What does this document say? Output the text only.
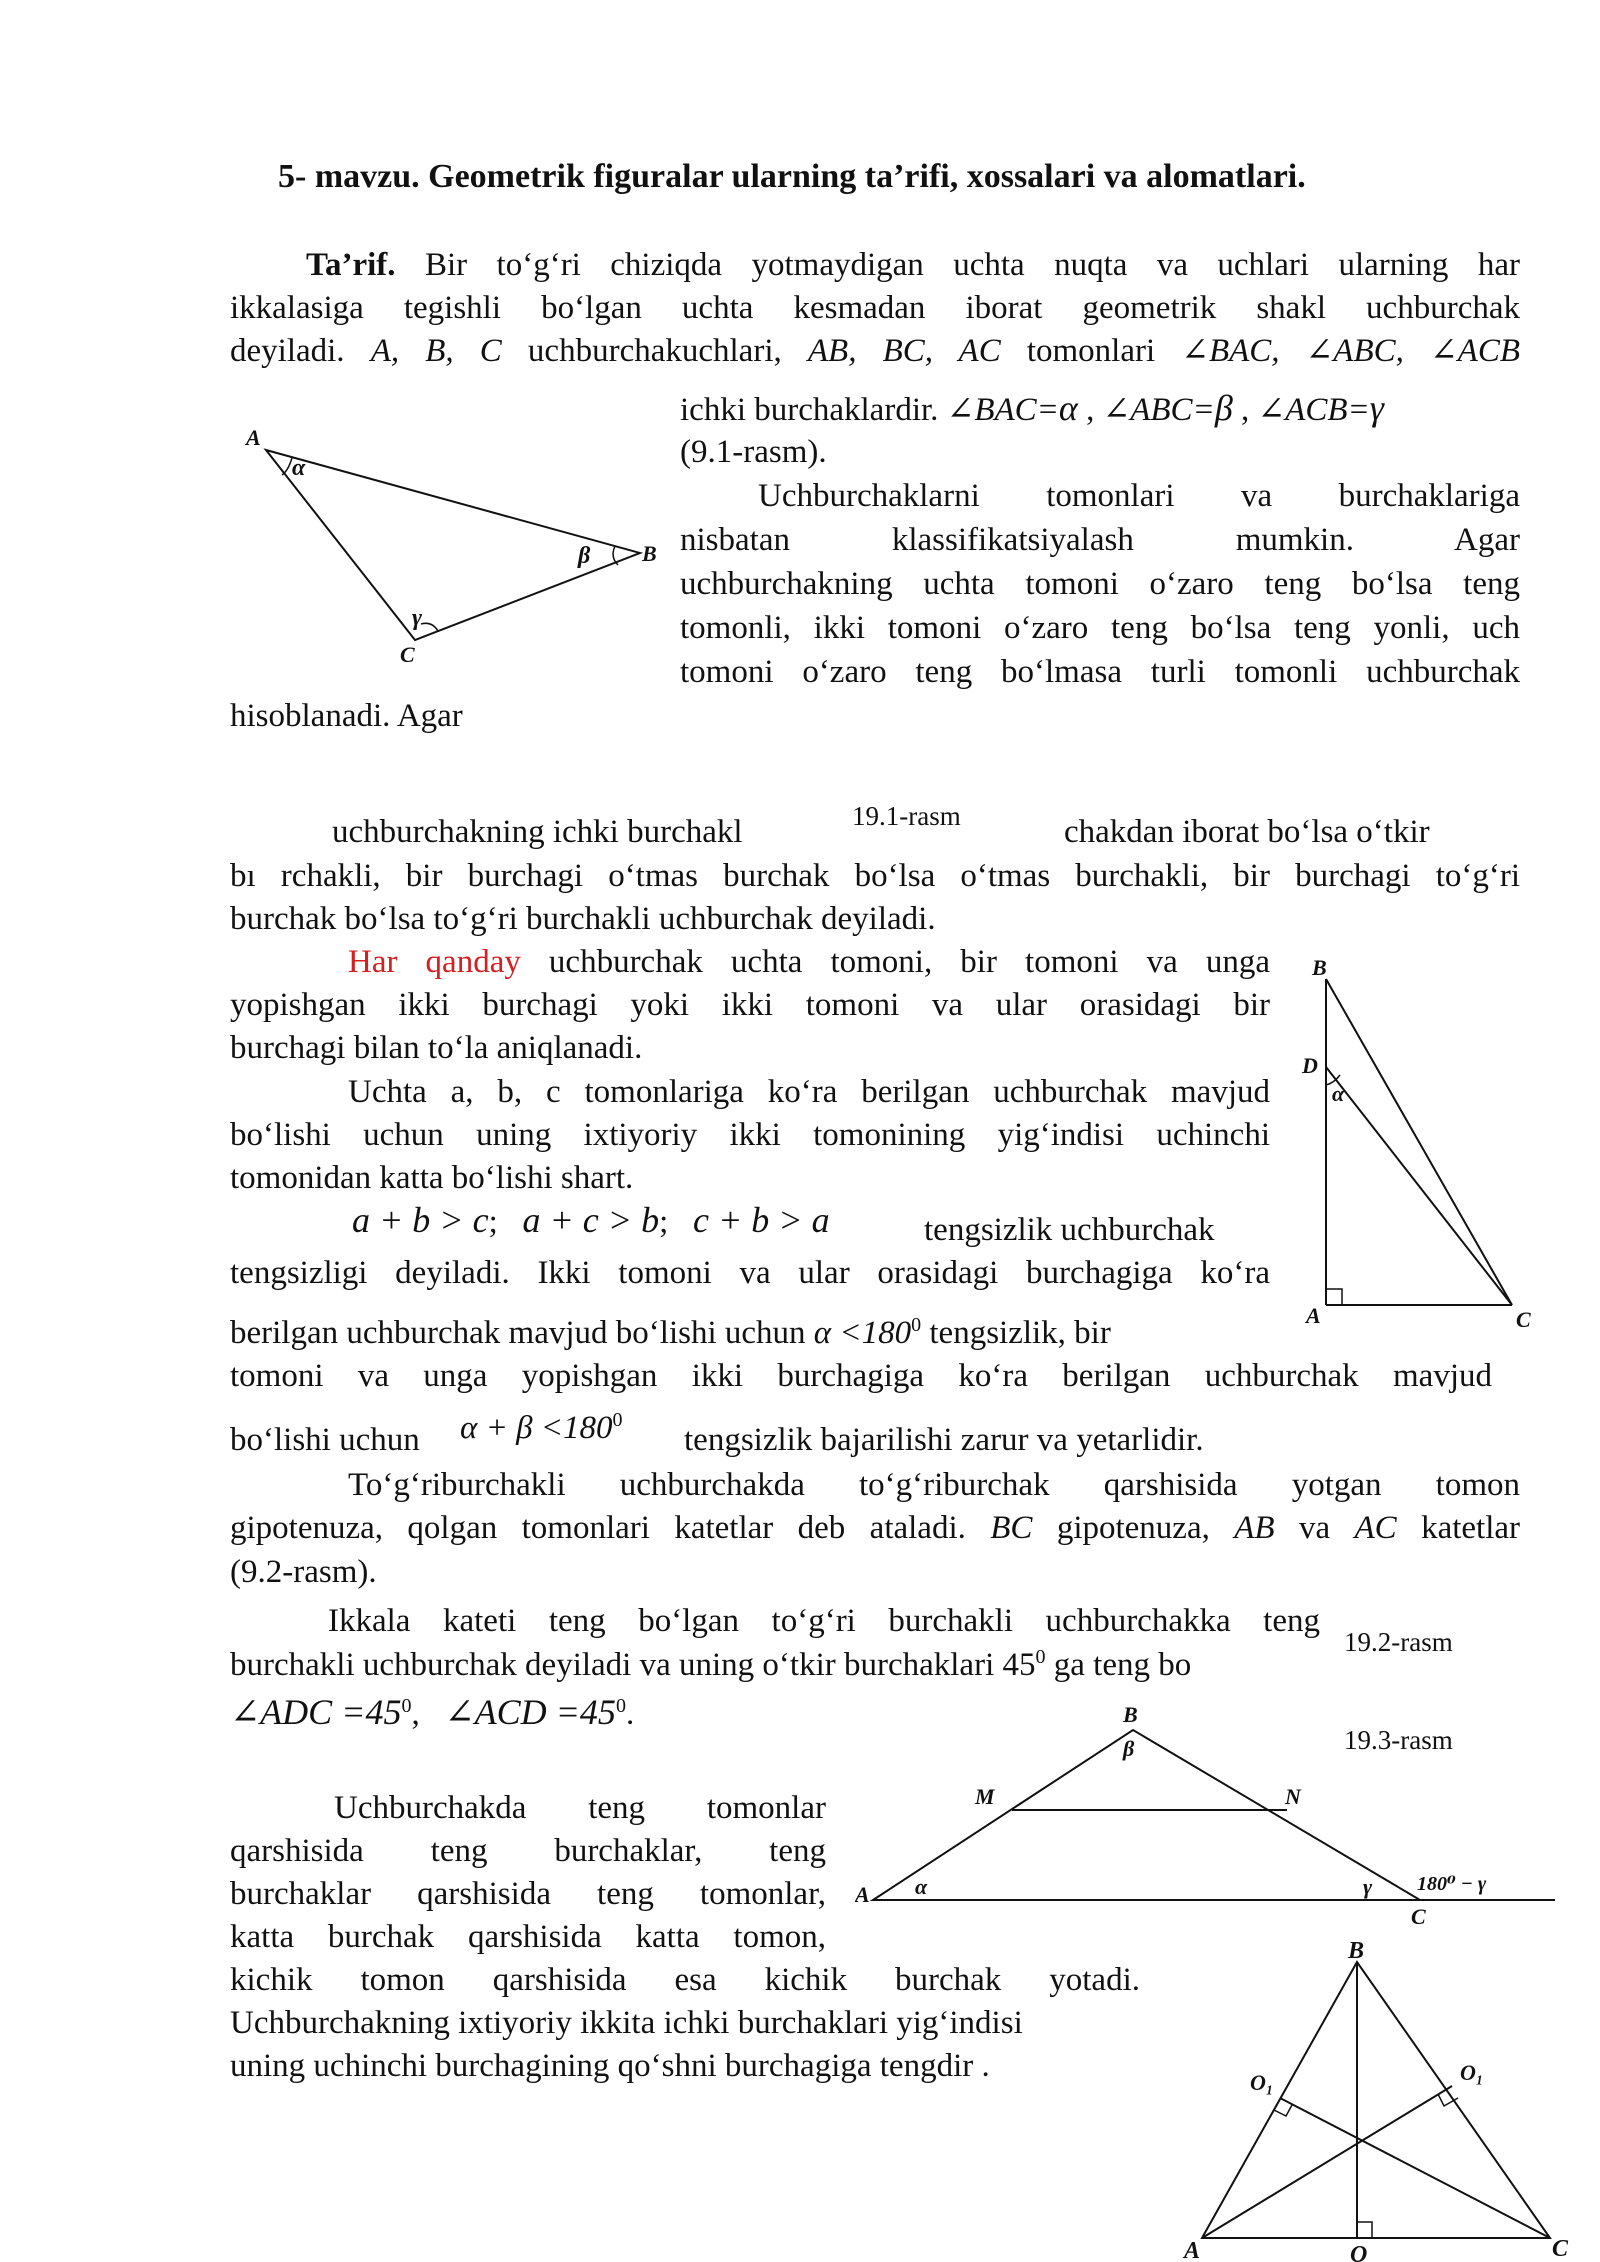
5- mavzu. Geometrik figuralar ularning ta’rifi, xossalari va alomatlari.
Ta’rif. Bir to‘g‘ri chiziqda yotmaydigan uchta nuqta va uchlari ularning har
ikkalasiga tegishli bo‘lgan uchta kesmadan iborat geometrik shakl uchburchak
deyiladi. A, B, C uchburchakuchlari, AB, BC, AC tomonlari ∠BAC, ∠ABC, ∠ACB
ichki burchaklardir. ∠BAC=α , ∠ABC=β , ∠ACB=γ
(9.1-rasm).
Uchburchaklarni tomonlari va burchaklariga
nisbatan klassifikatsiyalash mumkin. Agar
uchburchakning uchta tomoni o‘zaro teng bo‘lsa teng
tomonli, ikki tomoni o‘zaro teng bo‘lsa teng yonli, uch
tomoni o‘zaro teng bo‘lmasa turli tomonli uchburchak
hisoblanadi. Agar
A
B
C
α
β
γ
19.1-rasm
uchburchakning ichki burchakl	chakdan iborat bo‘lsa o‘tkir
bı rchakli, bir burchagi o‘tmas burchak bo‘lsa o‘tmas burchakli, bir burchagi to‘g‘ri
burchak bo‘lsa to‘g‘ri burchakli uchburchak deyiladi.
Har qanday uchburchak uchta tomoni, bir tomoni va unga
yopishgan ikki burchagi yoki ikki tomoni va ular orasidagi bir
burchagi bilan to‘la aniqlanadi.
Uchta a, b, c tomonlariga ko‘ra berilgan uchburchak mavjud
bo‘lishi uchun uning ixtiyoriy ikki tomonining yig‘indisi uchinchi
tomonidan katta bo‘lishi shart.
a + b > c; a + c > b; c + b > a	tengsizlik uchburchak
tengsizligi deyiladi. Ikki tomoni va ular orasidagi burchagiga ko‘ra
berilgan uchburchak mavjud bo‘lishi uchun $\alpha <180^0$ tengsizlik, bir
tomoni va unga yopishgan ikki burchagiga ko‘ra berilgan uchburchak mavjud
bo‘lishi uchun $\alpha + \beta <180^0$
tengsizlik bajarilishi zarur va yetarlidir.
B
D
A	C
α
To‘g‘riburchakli uchburchakda to‘g‘riburchak qarshisida yotgan tomon
gipotenuza, qolgan tomonlari katetlar deb ataladi. BC gipotenuza, AB va AC katetlar
(9.2-rasm).
Ikkala kateti teng bo‘lgan to‘g‘ri burchakli uchburchakka teng
burchakli uchburchak deyiladi va uning o‘tkir burchaklari $45^0$ ga teng bo
19.2-rasm
∠ADC $=45^0$, ∠ACD $=45^0$.
19.3-rasm
B
β
M	N
A α	γ 180⁰ − γ
C
Uchburchakda teng tomonlar
qarshisida teng burchaklar, teng
burchaklar qarshisida teng tomonlar,
katta burchak qarshisida katta tomon,
kichik tomon qarshisida esa kichik burchak yotadi.
Uchburchakning ixtiyoriy ikkita ichki burchaklari yig‘indisi
uning uchinchi burchagining qo‘shni burchagiga tengdir .
B
O₁
O₁
A	O	C
